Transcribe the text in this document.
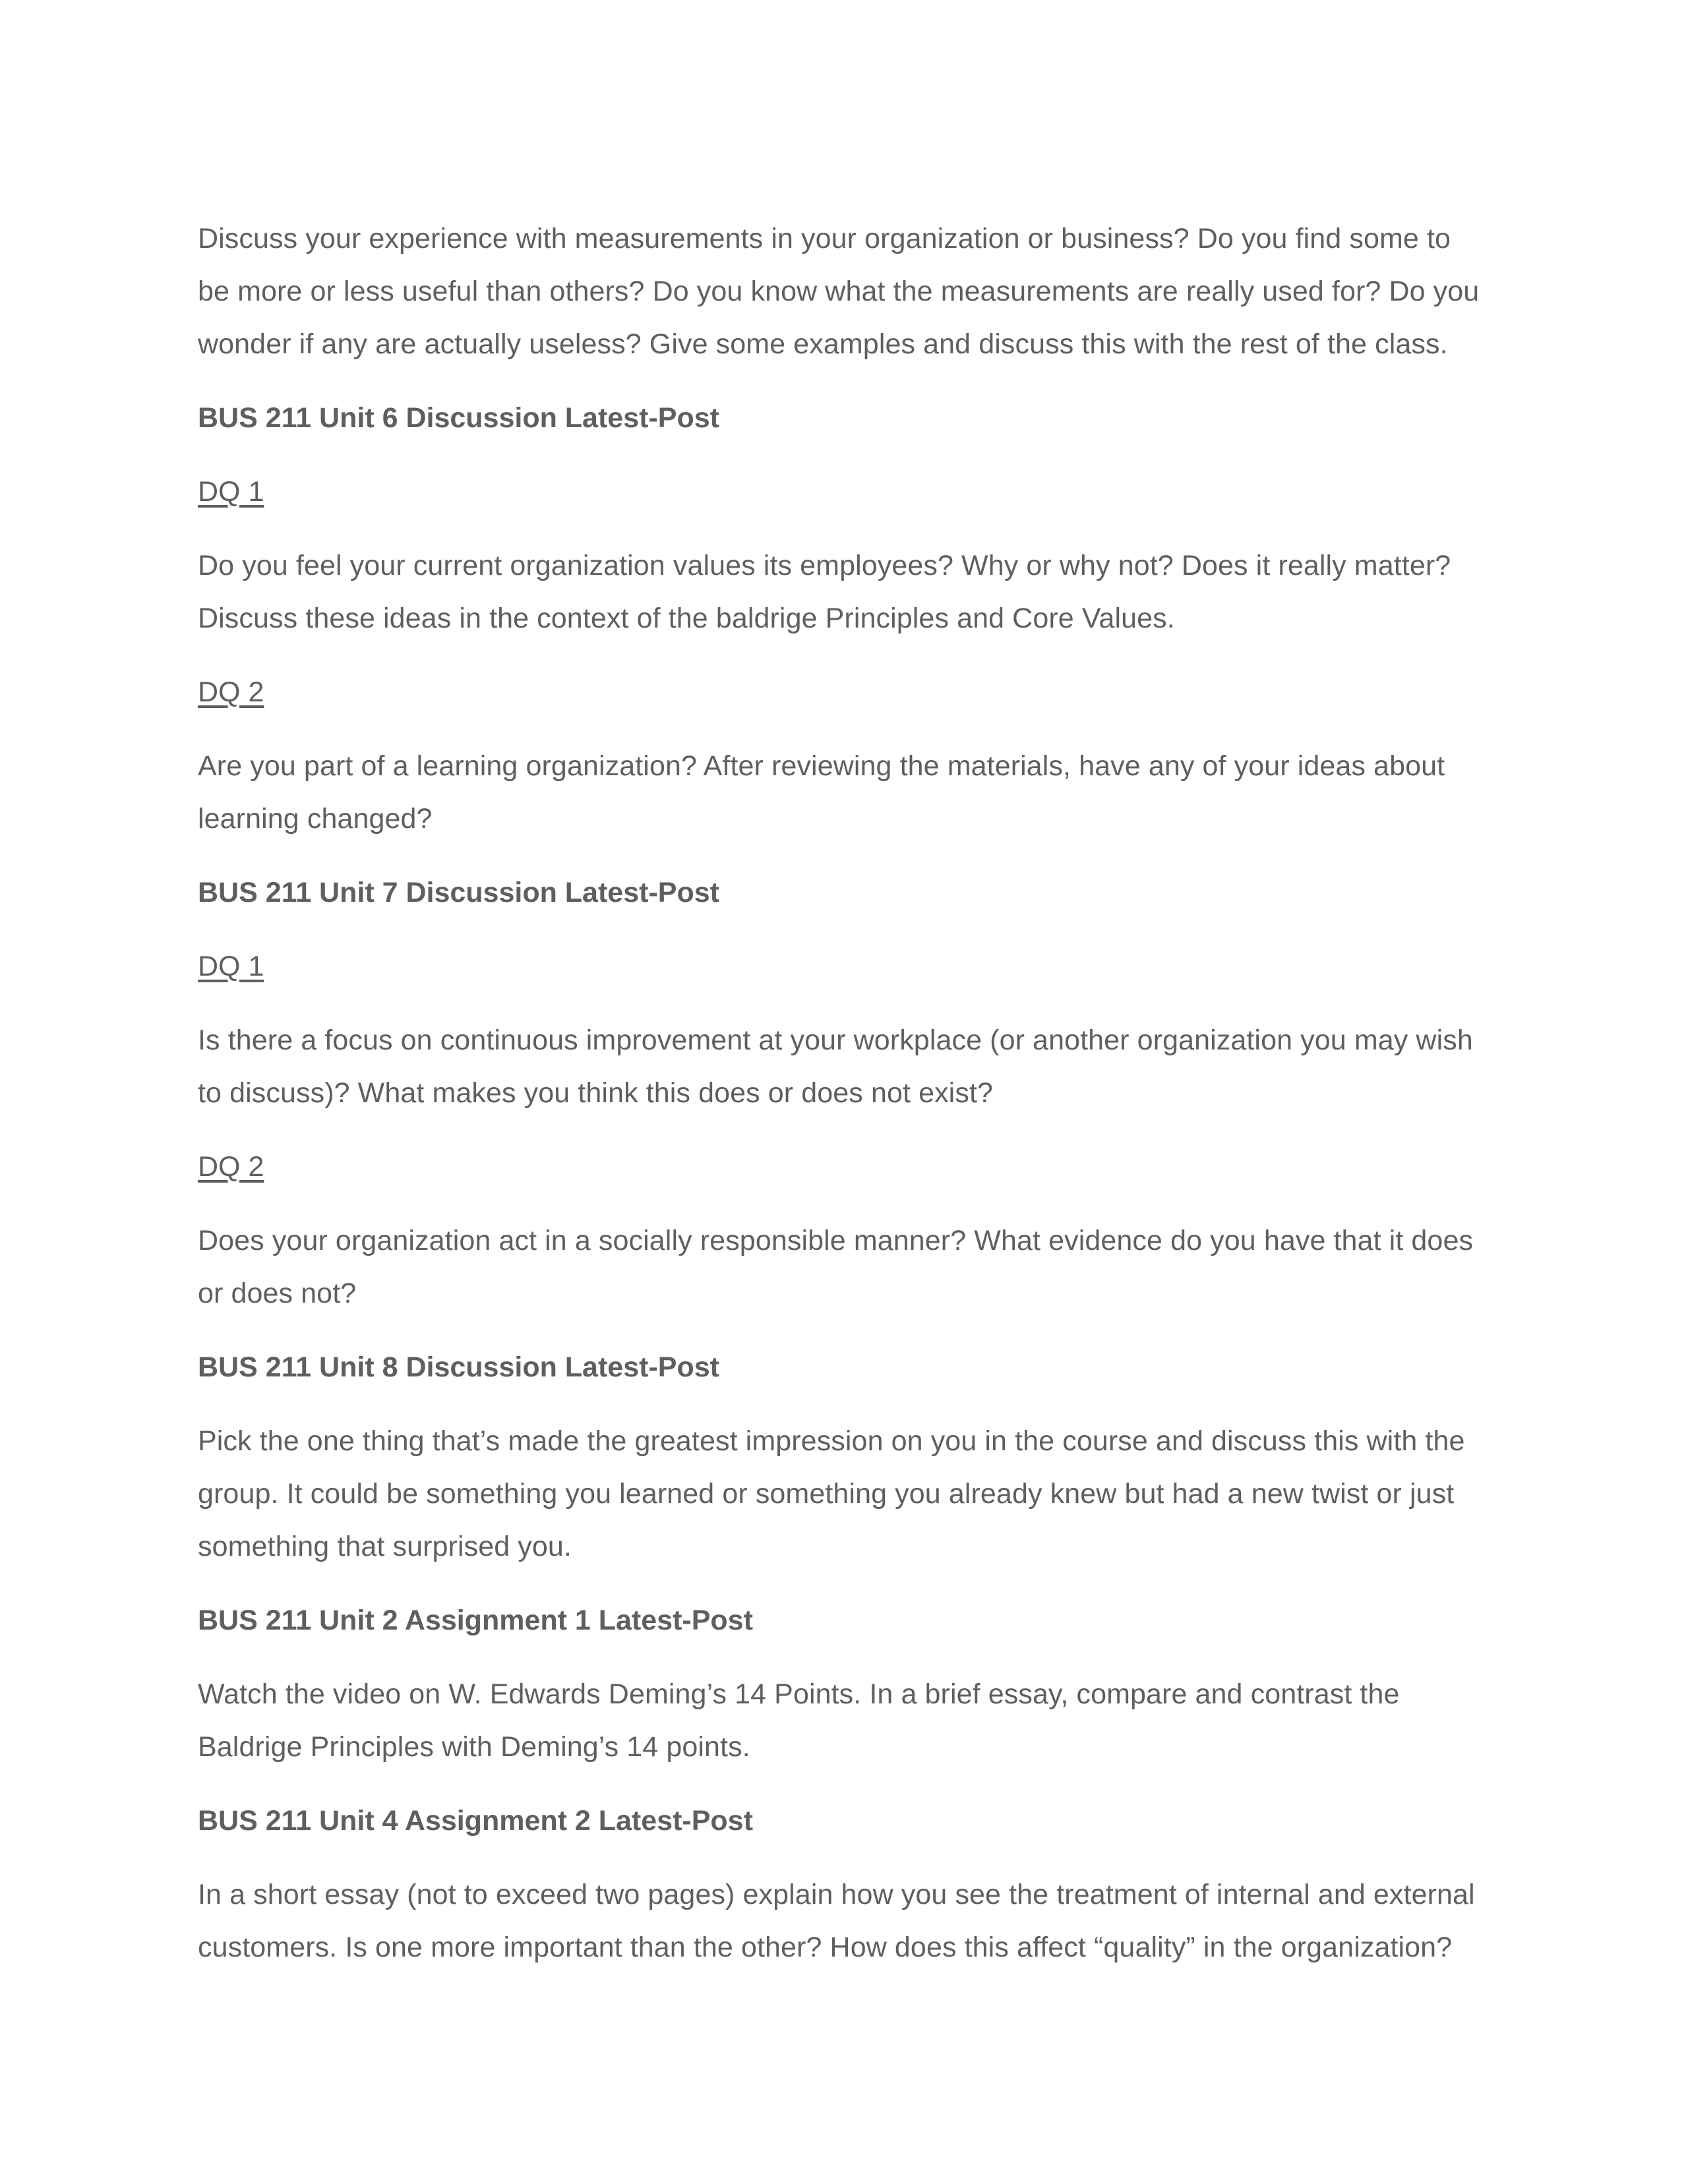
Discuss your experience with measurements in your organization or business? Do you find some to be more or less useful than others? Do you know what the measurements are really used for? Do you wonder if any are actually useless? Give some examples and discuss this with the rest of the class.

BUS 211 Unit 6 Discussion Latest-Post

DQ 1

Do you feel your current organization values its employees? Why or why not? Does it really matter? Discuss these ideas in the context of the baldrige Principles and Core Values.

DQ 2

Are you part of a learning organization? After reviewing the materials, have any of your ideas about learning changed?

BUS 211 Unit 7 Discussion Latest-Post

DQ 1

Is there a focus on continuous improvement at your workplace (or another organization you may wish to discuss)? What makes you think this does or does not exist?

DQ 2

Does your organization act in a socially responsible manner? What evidence do you have that it does or does not?

BUS 211 Unit 8 Discussion Latest-Post

Pick the one thing that’s made the greatest impression on you in the course and discuss this with the group. It could be something you learned or something you already knew but had a new twist or just something that surprised you.

BUS 211 Unit 2 Assignment 1 Latest-Post

Watch the video on W. Edwards Deming’s 14 Points. In a brief essay, compare and contrast the Baldrige Principles with Deming’s 14 points.

BUS 211 Unit 4 Assignment 2 Latest-Post

In a short essay (not to exceed two pages) explain how you see the treatment of internal and external customers. Is one more important than the other? How does this affect “quality” in the organization?
